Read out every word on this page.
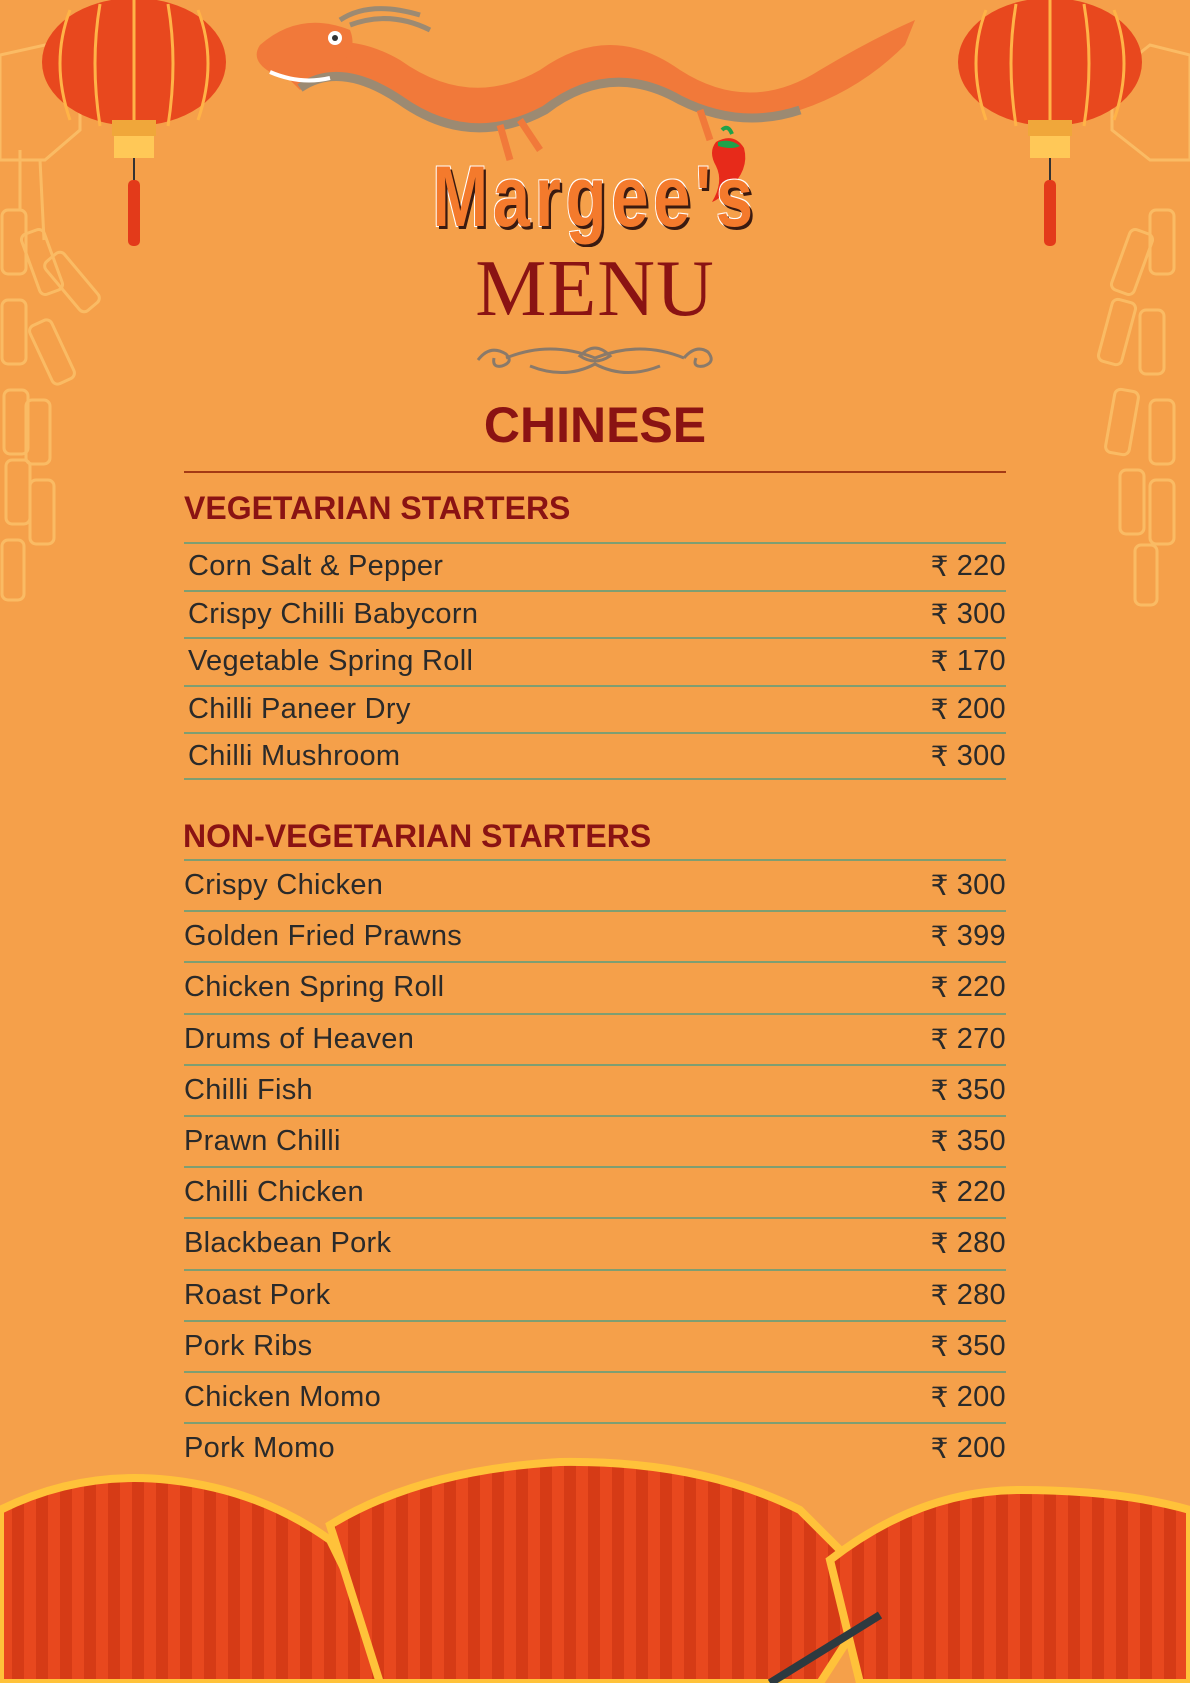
Margee's
MENU
CHINESE
VEGETARIAN STARTERS
Corn Salt & Pepper	₹ 220
Crispy Chilli Babycorn	₹ 300
Vegetable Spring Roll	₹ 170
Chilli Paneer Dry	₹ 200
Chilli Mushroom	₹ 300
NON-VEGETARIAN STARTERS
Crispy Chicken	₹ 300
Golden Fried Prawns	₹ 399
Chicken Spring Roll	₹ 220
Drums of Heaven	₹ 270
Chilli Fish	₹ 350
Prawn Chilli	₹ 350
Chilli Chicken	₹ 220
Blackbean Pork	₹ 280
Roast Pork	₹ 280
Pork Ribs	₹ 350
Chicken Momo	₹ 200
Pork Momo	₹ 200
